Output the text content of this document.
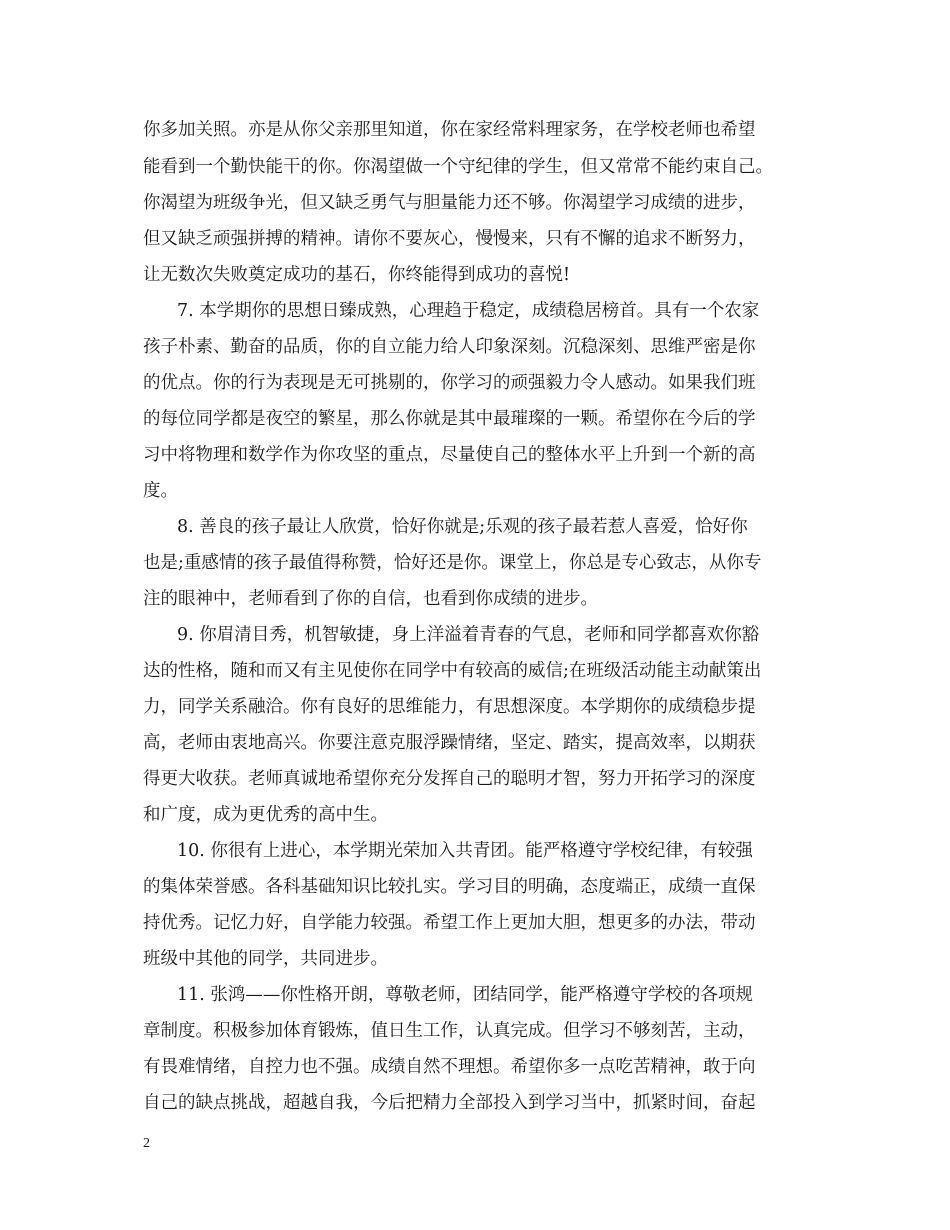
你多加关照。亦是从你父亲那里知道，你在家经常料理家务，在学校老师也希望
能看到一个勤快能干的你。你渴望做一个守纪律的学生，但又常常不能约束自己。
你渴望为班级争光，但又缺乏勇气与胆量能力还不够。你渴望学习成绩的进步，
但又缺乏顽强拼搏的精神。请你不要灰心，慢慢来，只有不懈的追求不断努力，
让无数次失败奠定成功的基石，你终能得到成功的喜悦!
7. 本学期你的思想日臻成熟，心理趋于稳定，成绩稳居榜首。具有一个农家
孩子朴素、勤奋的品质，你的自立能力给人印象深刻。沉稳深刻、思维严密是你
的优点。你的行为表现是无可挑剔的，你学习的顽强毅力令人感动。如果我们班
的每位同学都是夜空的繁星，那么你就是其中最璀璨的一颗。希望你在今后的学
习中将物理和数学作为你攻坚的重点，尽量使自己的整体水平上升到一个新的高
度。
8. 善良的孩子最让人欣赏，恰好你就是;乐观的孩子最若惹人喜爱，恰好你
也是;重感情的孩子最值得称赞，恰好还是你。课堂上，你总是专心致志，从你专
注的眼神中，老师看到了你的自信，也看到你成绩的进步。
9. 你眉清目秀，机智敏捷，身上洋溢着青春的气息，老师和同学都喜欢你豁
达的性格，随和而又有主见使你在同学中有较高的威信;在班级活动能主动献策出
力，同学关系融洽。你有良好的思维能力，有思想深度。本学期你的成绩稳步提
高，老师由衷地高兴。你要注意克服浮躁情绪，坚定、踏实，提高效率，以期获
得更大收获。老师真诚地希望你充分发挥自己的聪明才智，努力开拓学习的深度
和广度，成为更优秀的高中生。
10. 你很有上进心，本学期光荣加入共青团。能严格遵守学校纪律，有较强
的集体荣誉感。各科基础知识比较扎实。学习目的明确，态度端正，成绩一直保
持优秀。记忆力好，自学能力较强。希望工作上更加大胆，想更多的办法，带动
班级中其他的同学，共同进步。
11. 张鸿——你性格开朗，尊敬老师，团结同学，能严格遵守学校的各项规
章制度。积极参加体育锻炼，值日生工作，认真完成。但学习不够刻苦，主动，
有畏难情绪，自控力也不强。成绩自然不理想。希望你多一点吃苦精神，敢于向
自己的缺点挑战，超越自我，今后把精力全部投入到学习当中，抓紧时间，奋起
2
